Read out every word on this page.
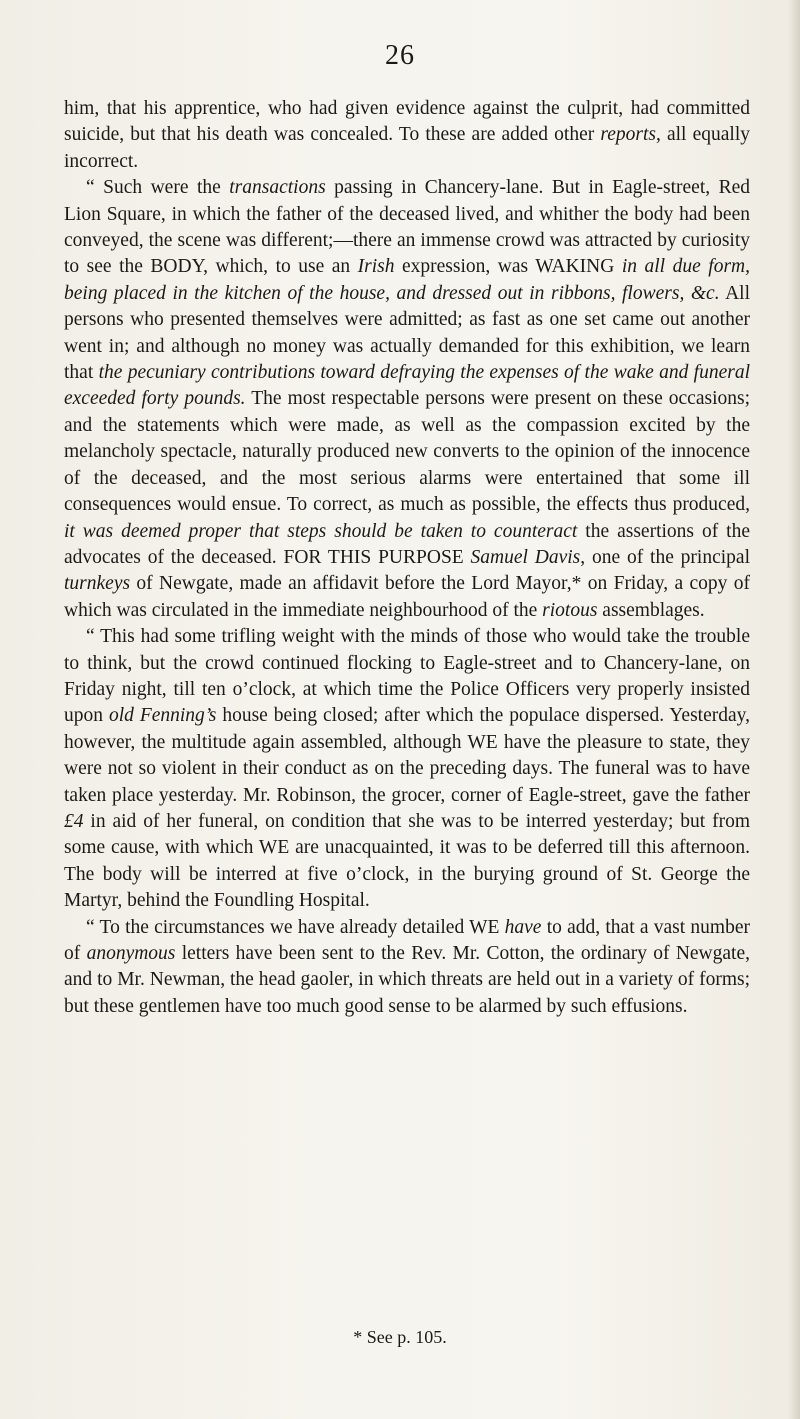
26

him, that his apprentice, who had given evidence against the culprit, had committed suicide, but that his death was concealed. To these are added other reports, all equally incorrect.

“ Such were the transactions passing in Chancery-lane. But in Eagle-street, Red Lion Square, in which the father of the deceased lived, and whither the body had been conveyed, the scene was different;—there an immense crowd was attracted by curiosity to see the BODY, which, to use an Irish expression, was WAKING in all due form, being placed in the kitchen of the house, and dressed out in ribbons, flowers, &c. All persons who presented themselves were admitted; as fast as one set came out another went in; and although no money was actually demanded for this exhibition, we learn that the pecuniary contributions toward defraying the expenses of the wake and funeral exceeded forty pounds. The most respectable persons were present on these occasions; and the statements which were made, as well as the compassion excited by the melancholy spectacle, naturally produced new converts to the opinion of the innocence of the deceased, and the most serious alarms were entertained that some ill consequences would ensue. To correct, as much as possible, the effects thus produced, it was deemed proper that steps should be taken to counteract the assertions of the advocates of the deceased. FOR THIS PURPOSE Samuel Davis, one of the principal turnkeys of Newgate, made an affidavit before the Lord Mayor,* on Friday, a copy of which was circulated in the immediate neighbourhood of the riotous assemblages.

“ This had some trifling weight with the minds of those who would take the trouble to think, but the crowd continued flocking to Eagle-street and to Chancery-lane, on Friday night, till ten o’clock, at which time the Police Officers very properly insisted upon old Fenning’s house being closed; after which the populace dispersed. Yesterday, however, the multitude again assembled, although WE have the pleasure to state, they were not so violent in their conduct as on the preceding days. The funeral was to have taken place yesterday. Mr. Robinson, the grocer, corner of Eagle-street, gave the father £4 in aid of her funeral, on condition that she was to be interred yesterday; but from some cause, with which WE are unacquainted, it was to be deferred till this afternoon. The body will be interred at five o’clock, in the burying ground of St. George the Martyr, behind the Foundling Hospital.

“ To the circumstances we have already detailed WE have to add, that a vast number of anonymous letters have been sent to the Rev. Mr. Cotton, the ordinary of Newgate, and to Mr. Newman, the head gaoler, in which threats are held out in a variety of forms; but these gentlemen have too much good sense to be alarmed by such effusions.

* See p. 105.
